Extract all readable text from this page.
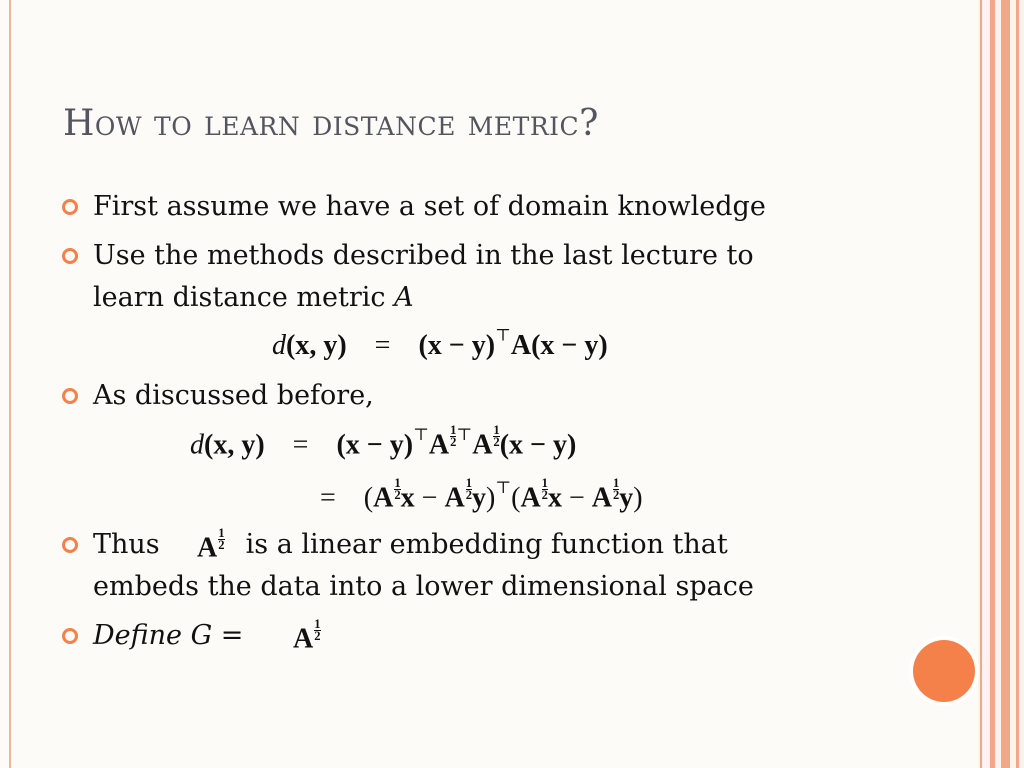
How to learn distance metric?
First assume we have a set of domain knowledge
Use the methods described in the last lecture to
learn distance metric A
d(x, y) = (x − y)⊤A(x − y)
As discussed before,
d(x, $y) = (x - y)^⊤A \frac{1}{2} ^⊤A \frac{1}{2} (x - y)$
=    ($A \frac{1}{2}$ x − A $\frac{1}{2} y)^⊤(A \frac{1}{2}$ x − A $\frac{1}{2} y$)
Thus	is a linear embedding function that
embeds the data into a lower dimensional space
A $\frac{1}{2}$
Define G = A $\frac{1}{2}$
